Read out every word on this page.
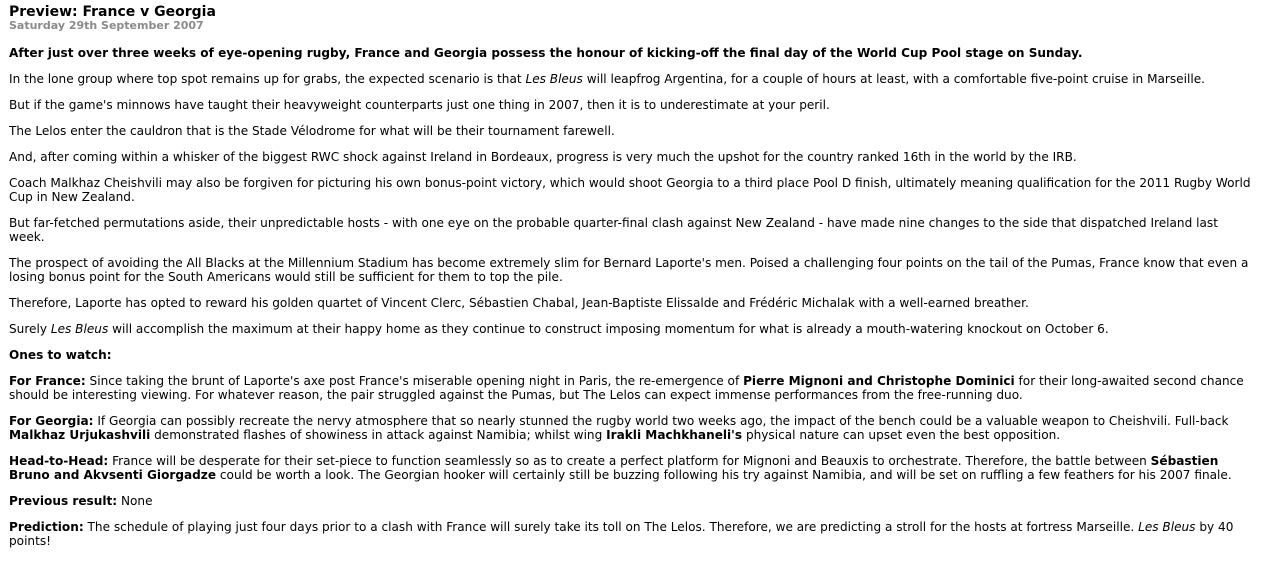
Preview: France v Georgia
Saturday 29th September 2007

After just over three weeks of eye-opening rugby, France and Georgia possess the honour of kicking-off the final day of the World Cup Pool stage on Sunday.

In the lone group where top spot remains up for grabs, the expected scenario is that Les Bleus will leapfrog Argentina, for a couple of hours at least, with a comfortable five-point cruise in Marseille.

But if the game's minnows have taught their heavyweight counterparts just one thing in 2007, then it is to underestimate at your peril.

The Lelos enter the cauldron that is the Stade Vélodrome for what will be their tournament farewell.

And, after coming within a whisker of the biggest RWC shock against Ireland in Bordeaux, progress is very much the upshot for the country ranked 16th in the world by the IRB.

Coach Malkhaz Cheishvili may also be forgiven for picturing his own bonus-point victory, which would shoot Georgia to a third place Pool D finish, ultimately meaning qualification for the 2011 Rugby World Cup in New Zealand.

But far-fetched permutations aside, their unpredictable hosts - with one eye on the probable quarter-final clash against New Zealand - have made nine changes to the side that dispatched Ireland last week.

The prospect of avoiding the All Blacks at the Millennium Stadium has become extremely slim for Bernard Laporte's men. Poised a challenging four points on the tail of the Pumas, France know that even a losing bonus point for the South Americans would still be sufficient for them to top the pile.

Therefore, Laporte has opted to reward his golden quartet of Vincent Clerc, Sébastien Chabal, Jean-Baptiste Elissalde and Frédéric Michalak with a well-earned breather.

Surely Les Bleus will accomplish the maximum at their happy home as they continue to construct imposing momentum for what is already a mouth-watering knockout on October 6.

Ones to watch:

For France: Since taking the brunt of Laporte's axe post France's miserable opening night in Paris, the re-emergence of Pierre Mignoni and Christophe Dominici for their long-awaited second chance should be interesting viewing. For whatever reason, the pair struggled against the Pumas, but The Lelos can expect immense performances from the free-running duo.

For Georgia: If Georgia can possibly recreate the nervy atmosphere that so nearly stunned the rugby world two weeks ago, the impact of the bench could be a valuable weapon to Cheishvili. Full-back Malkhaz Urjukashvili demonstrated flashes of showiness in attack against Namibia; whilst wing Irakli Machkhaneli's physical nature can upset even the best opposition.

Head-to-Head: France will be desperate for their set-piece to function seamlessly so as to create a perfect platform for Mignoni and Beauxis to orchestrate. Therefore, the battle between Sébastien Bruno and Akvsenti Giorgadze could be worth a look. The Georgian hooker will certainly still be buzzing following his try against Namibia, and will be set on ruffling a few feathers for his 2007 finale.

Previous result: None

Prediction: The schedule of playing just four days prior to a clash with France will surely take its toll on The Lelos. Therefore, we are predicting a stroll for the hosts at fortress Marseille. Les Bleus by 40 points!
